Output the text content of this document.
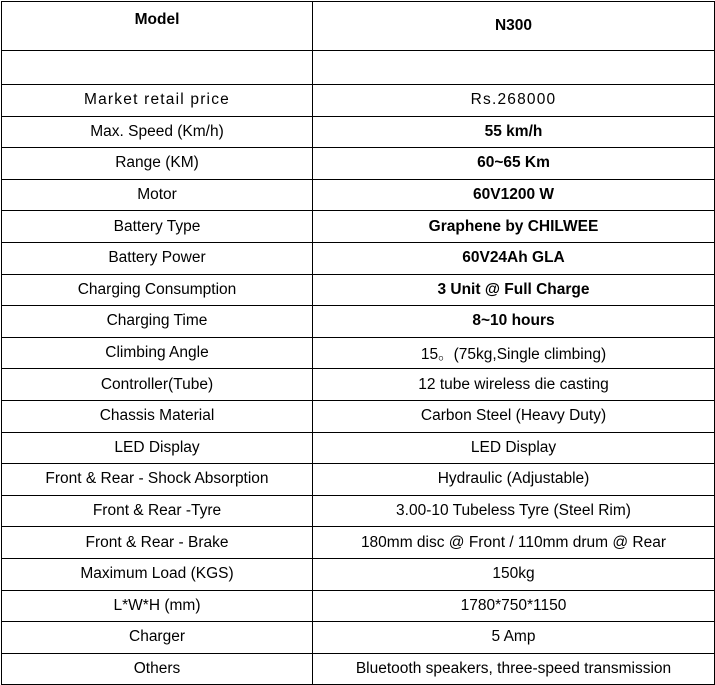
Model	N300

Market retail price	Rs.268000
Max. Speed (Km/h)	55 km/h
Range (KM)	60~65 Km
Motor	60V1200 W
Battery Type	Graphene by CHILWEE
Battery Power	60V24Ah GLA
Charging Consumption	3 Unit @ Full Charge
Charging Time	8~10 hours
Climbing Angle	15。(75kg,Single climbing)
Controller(Tube)	12 tube wireless die casting
Chassis Material	Carbon Steel (Heavy Duty)
LED Display	LED Display
Front & Rear - Shock Absorption	Hydraulic (Adjustable)
Front & Rear -Tyre	3.00-10 Tubeless Tyre (Steel Rim)
Front & Rear - Brake	180mm disc @ Front / 110mm drum @ Rear
Maximum Load (KGS)	150kg
L*W*H (mm)	1780*750*1150
Charger	5 Amp
Others	Bluetooth speakers, three-speed transmission
